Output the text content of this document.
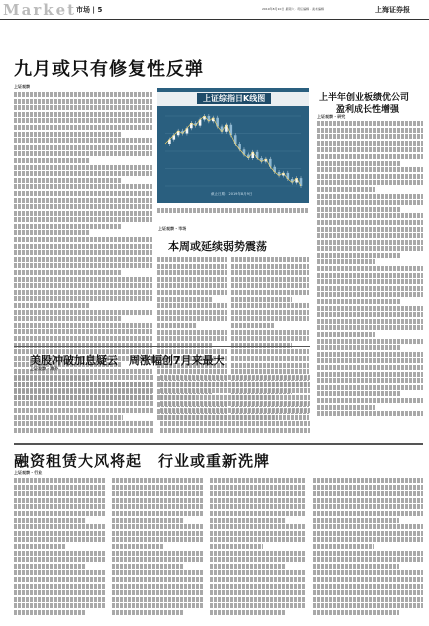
Market 市场 | 5	2019年8月10日 星期六 · 责任编辑 · 美术编辑	上海证券报
九月或只有修复性反弹
上证观察
上证综指日K线图
截止日期：2019年8月9日
本周或延续弱势震荡
上证观察 · 市场
上半年创业板绩优公司
盈利成长性增强
上证观察 · 研究
美股冲破加息疑云　周涨幅创7月来最大
上证观察 · 海外
融资租赁大风将起　行业或重新洗牌
上证观察 · 行业
